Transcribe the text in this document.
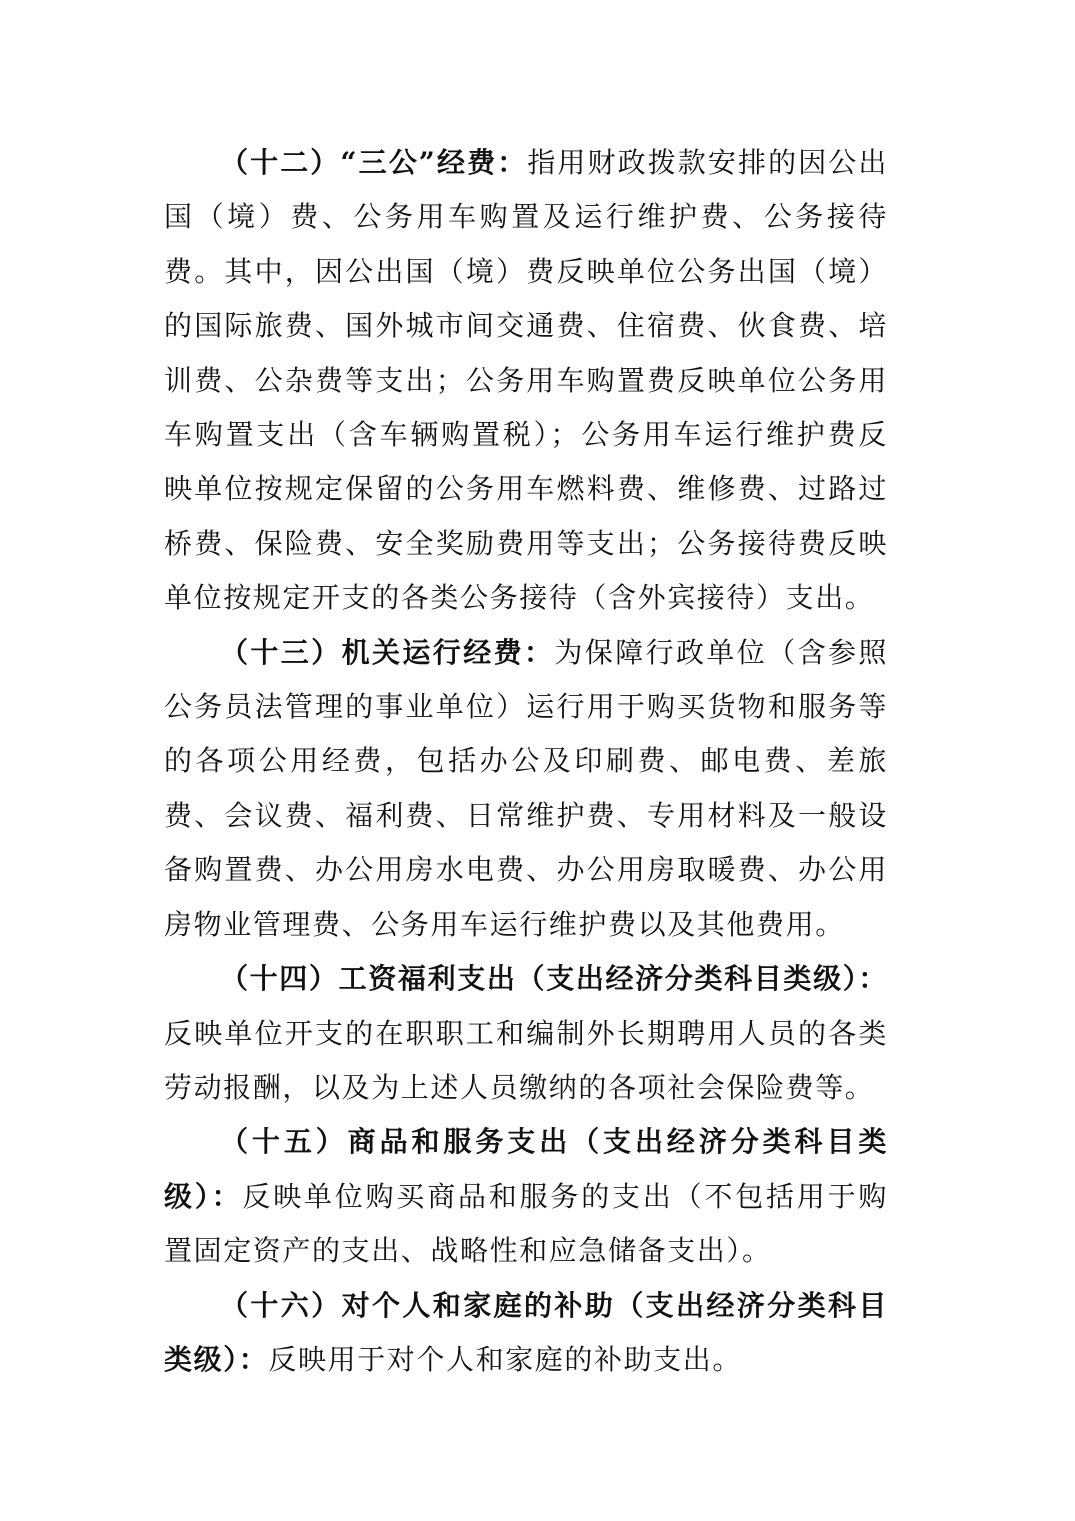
（十二）“三公”经费：指用财政拨款安排的因公出国（境）费、公务用车购置及运行维护费、公务接待费。其中，因公出国（境）费反映单位公务出国（境）的国际旅费、国外城市间交通费、住宿费、伙食费、培训费、公杂费等支出；公务用车购置费反映单位公务用车购置支出（含车辆购置税）；公务用车运行维护费反映单位按规定保留的公务用车燃料费、维修费、过路过桥费、保险费、安全奖励费用等支出；公务接待费反映单位按规定开支的各类公务接待（含外宾接待）支出。

（十三）机关运行经费：为保障行政单位（含参照公务员法管理的事业单位）运行用于购买货物和服务等的各项公用经费，包括办公及印刷费、邮电费、差旅费、会议费、福利费、日常维护费、专用材料及一般设备购置费、办公用房水电费、办公用房取暖费、办公用房物业管理费、公务用车运行维护费以及其他费用。

（十四）工资福利支出（支出经济分类科目类级）：反映单位开支的在职职工和编制外长期聘用人员的各类劳动报酬，以及为上述人员缴纳的各项社会保险费等。

（十五）商品和服务支出（支出经济分类科目类级）：反映单位购买商品和服务的支出（不包括用于购置固定资产的支出、战略性和应急储备支出）。

（十六）对个人和家庭的补助（支出经济分类科目类级）：反映用于对个人和家庭的补助支出。
